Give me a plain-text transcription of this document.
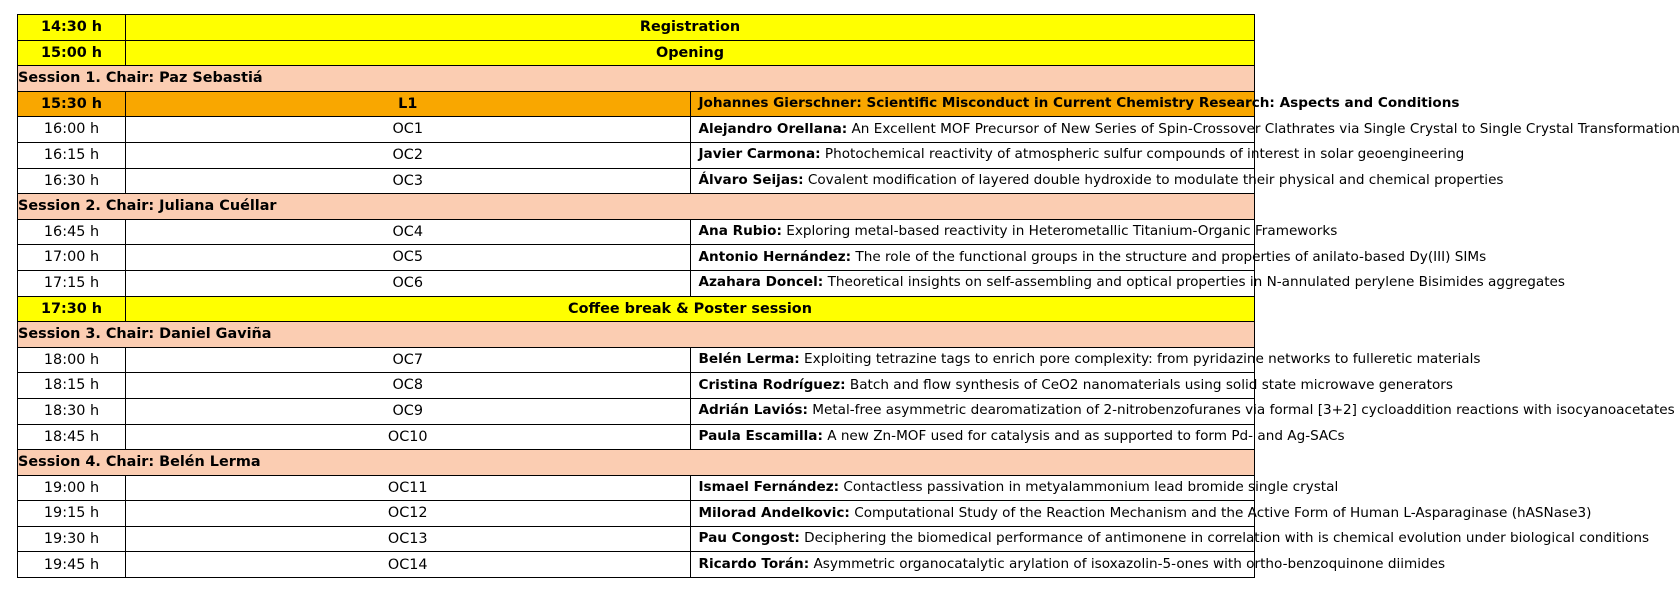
14:30 h	Registration	
15:00 h	Opening	
Session 1. Chair: Paz Sebastiá		
15:30 h	L1	Johannes Gierschner: Scientific Misconduct in Current Chemistry Research: Aspects and Conditions
16:00 h	OC1	Alejandro Orellana: An Excellent MOF Precursor of New Series of Spin-Crossover Clathrates via Single Crystal to Single Crystal Transformation
16:15 h	OC2	Javier Carmona: Photochemical reactivity of atmospheric sulfur compounds of interest in solar geoengineering
16:30 h	OC3	Álvaro Seijas: Covalent modification of layered double hydroxide to modulate their physical and chemical properties
Session 2. Chair: Juliana Cuéllar		
16:45 h	OC4	Ana Rubio: Exploring metal-based reactivity in Heterometallic Titanium-Organic Frameworks
17:00 h	OC5	Antonio Hernández: The role of the functional groups in the structure and properties of anilato-based Dy(III) SIMs
17:15 h	OC6	Azahara Doncel: Theoretical insights on self-assembling and optical properties in N-annulated perylene Bisimides aggregates
17:30 h	Coffee break & Poster session	
Session 3. Chair: Daniel Gaviña		
18:00 h	OC7	Belén Lerma: Exploiting tetrazine tags to enrich pore complexity: from pyridazine networks to fulleretic materials
18:15 h	OC8	Cristina Rodríguez: Batch and flow synthesis of CeO2 nanomaterials using solid state microwave generators
18:30 h	OC9	Adrián Laviós: Metal-free asymmetric dearomatization of 2-nitrobenzofuranes via formal [3+2] cycloaddition reactions with isocyanoacetates
18:45 h	OC10	Paula Escamilla: A new Zn-MOF used for catalysis and as supported to form Pd- and Ag-SACs
Session 4. Chair: Belén Lerma		
19:00 h	OC11	Ismael Fernández: Contactless passivation in metyalammonium lead bromide single crystal
19:15 h	OC12	Milorad Andelkovic: Computational Study of the Reaction Mechanism and the Active Form of Human L-Asparaginase (hASNase3)
19:30 h	OC13	Pau Congost: Deciphering the biomedical performance of antimonene in correlation with is chemical evolution under biological conditions
19:45 h	OC14	Ricardo Torán: Asymmetric organocatalytic arylation of isoxazolin-5-ones with ortho-benzoquinone diimides
